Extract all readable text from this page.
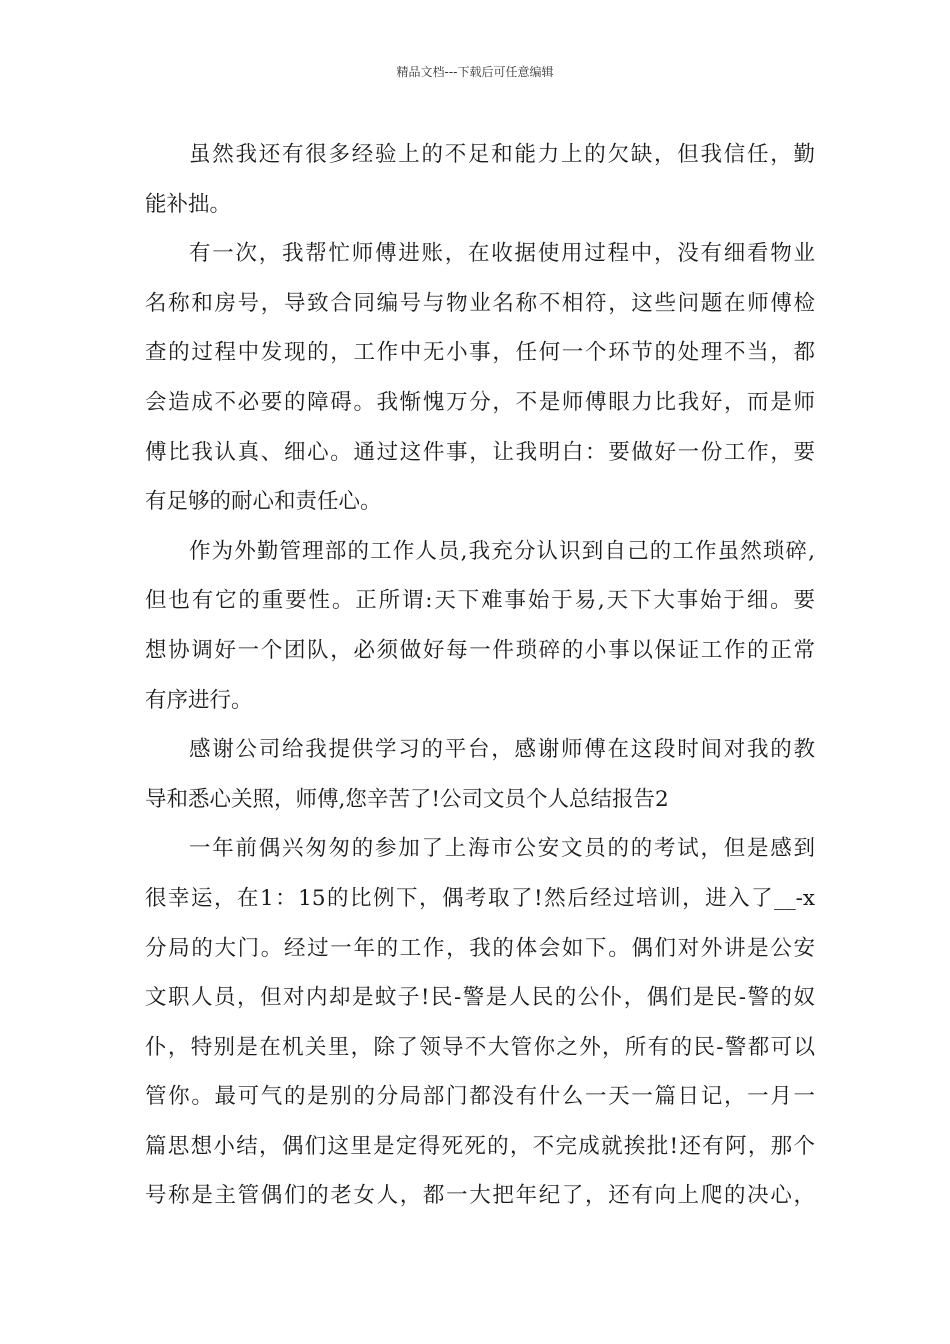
精品文档---下载后可任意编辑
虽然我还有很多经验上的不足和能力上的欠缺，但我信任，勤
能补拙。
有一次，我帮忙师傅进账，在收据使用过程中，没有细看物业
名称和房号，导致合同编号与物业名称不相符，这些问题在师傅检
查的过程中发现的，工作中无小事，任何一个环节的处理不当，都
会造成不必要的障碍。我惭愧万分，不是师傅眼力比我好，而是师
傅比我认真、细心。通过这件事，让我明白：要做好一份工作，要
有足够的耐心和责任心。
作为外勤管理部的工作人员,我充分认识到自己的工作虽然琐碎,
但也有它的重要性。正所谓:天下难事始于易,天下大事始于细。要
想协调好一个团队，必须做好每一件琐碎的小事以保证工作的正常
有序进行。
感谢公司给我提供学习的平台，感谢师傅在这段时间对我的教
导和悉心关照，师傅,您辛苦了!公司文员个人总结报告2
一年前偶兴匆匆的参加了上海市公安文员的的考试，但是感到
很幸运，在1：15的比例下，偶考取了!然后经过培训，进入了__-x
分局的大门。经过一年的工作，我的体会如下。偶们对外讲是公安
文职人员，但对内却是蚊子!民-警是人民的公仆，偶们是民-警的奴
仆，特别是在机关里，除了领导不大管你之外，所有的民-警都可以
管你。最可气的是别的分局部门都没有什么一天一篇日记，一月一
篇思想小结，偶们这里是定得死死的，不完成就挨批!还有阿，那个
号称是主管偶们的老女人，都一大把年纪了，还有向上爬的决心，
